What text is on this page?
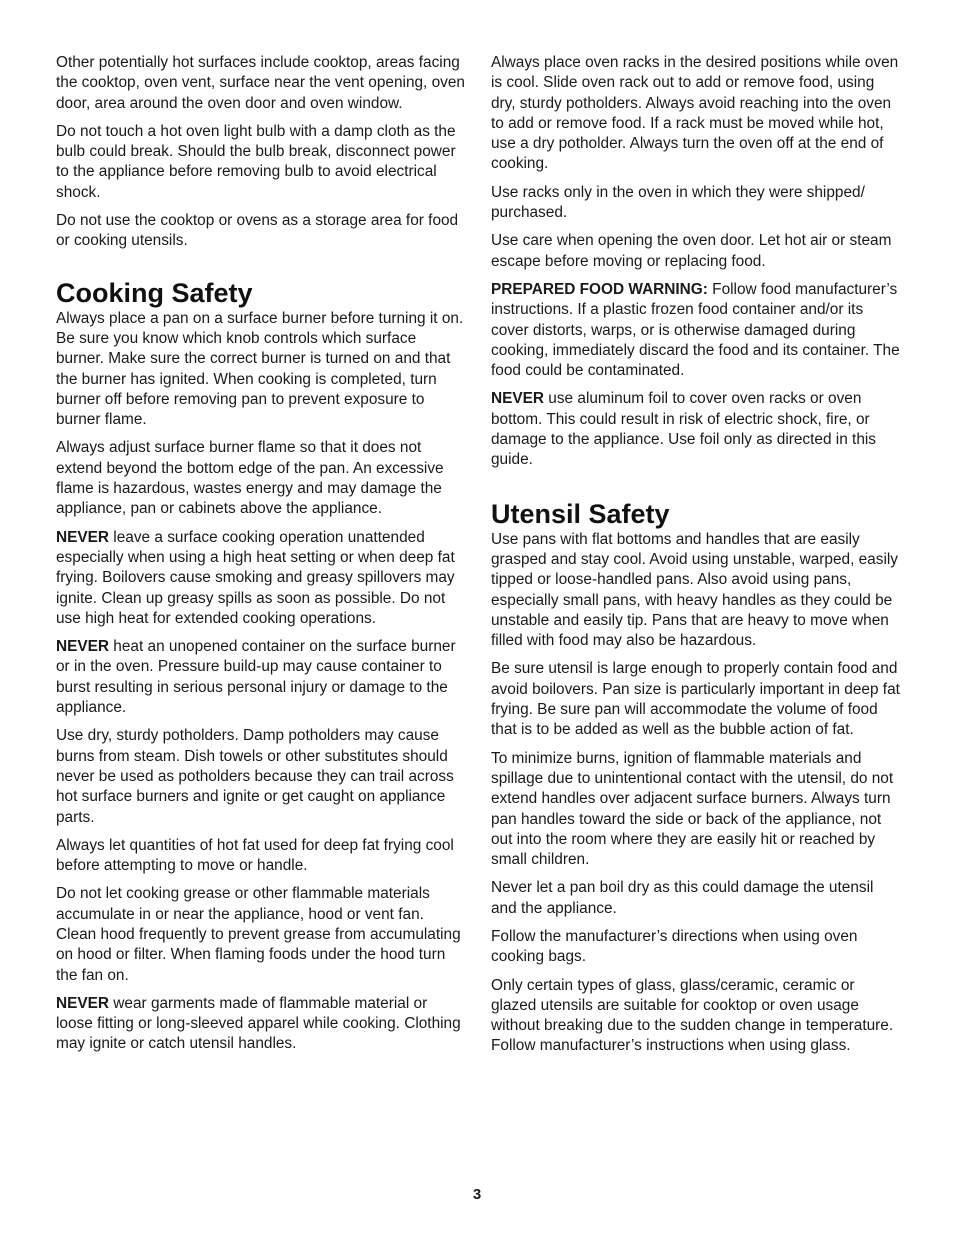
Other potentially hot surfaces include cooktop, areas facing the cooktop, oven vent, surface near the vent opening, oven door, area around the oven door and oven window.

Do not touch a hot oven light bulb with a damp cloth as the bulb could break. Should the bulb break, disconnect power to the appliance before removing bulb to avoid electrical shock.

Do not use the cooktop or ovens as a storage area for food or cooking utensils.

Cooking Safety

Always place a pan on a surface burner before turning it on. Be sure you know which knob controls which surface burner. Make sure the correct burner is turned on and that the burner has ignited. When cooking is completed, turn burner off before removing pan to prevent exposure to burner flame.

Always adjust surface burner flame so that it does not extend beyond the bottom edge of the pan. An excessive flame is hazardous, wastes energy and may damage the appliance, pan or cabinets above the appliance.

NEVER leave a surface cooking operation unattended especially when using a high heat setting or when deep fat frying. Boilovers cause smoking and greasy spillovers may ignite. Clean up greasy spills as soon as possible. Do not use high heat for extended cooking operations.

NEVER heat an unopened container on the surface burner or in the oven. Pressure build-up may cause container to burst resulting in serious personal injury or damage to the appliance.

Use dry, sturdy potholders. Damp potholders may cause burns from steam. Dish towels or other substitutes should never be used as potholders because they can trail across hot surface burners and ignite or get caught on appliance parts.

Always let quantities of hot fat used for deep fat frying cool before attempting to move or handle.

Do not let cooking grease or other flammable materials accumulate in or near the appliance, hood or vent fan. Clean hood frequently to prevent grease from accumulating on hood or filter. When flaming foods under the hood turn the fan on.

NEVER wear garments made of flammable material or loose fitting or long-sleeved apparel while cooking. Clothing may ignite or catch utensil handles.

Always place oven racks in the desired positions while oven is cool. Slide oven rack out to add or remove food, using dry, sturdy potholders. Always avoid reaching into the oven to add or remove food. If a rack must be moved while hot, use a dry potholder. Always turn the oven off at the end of cooking.

Use racks only in the oven in which they were shipped/ purchased.

Use care when opening the oven door. Let hot air or steam escape before moving or replacing food.

PREPARED FOOD WARNING: Follow food manufacturer’s instructions. If a plastic frozen food container and/or its cover distorts, warps, or is otherwise damaged during cooking, immediately discard the food and its container. The food could be contaminated.

NEVER use aluminum foil to cover oven racks or oven bottom. This could result in risk of electric shock, fire, or damage to the appliance. Use foil only as directed in this guide.

Utensil Safety

Use pans with flat bottoms and handles that are easily grasped and stay cool. Avoid using unstable, warped, easily tipped or loose-handled pans. Also avoid using pans, especially small pans, with heavy handles as they could be unstable and easily tip. Pans that are heavy to move when filled with food may also be hazardous.

Be sure utensil is large enough to properly contain food and avoid boilovers. Pan size is particularly important in deep fat frying. Be sure pan will accommodate the volume of food that is to be added as well as the bubble action of fat.

To minimize burns, ignition of flammable materials and spillage due to unintentional contact with the utensil, do not extend handles over adjacent surface burners. Always turn pan handles toward the side or back of the appliance, not out into the room where they are easily hit or reached by small children.

Never let a pan boil dry as this could damage the utensil and the appliance.

Follow the manufacturer’s directions when using oven cooking bags.

Only certain types of glass, glass/ceramic, ceramic or glazed utensils are suitable for cooktop or oven usage without breaking due to the sudden change in temperature. Follow manufacturer’s instructions when using glass.

3
